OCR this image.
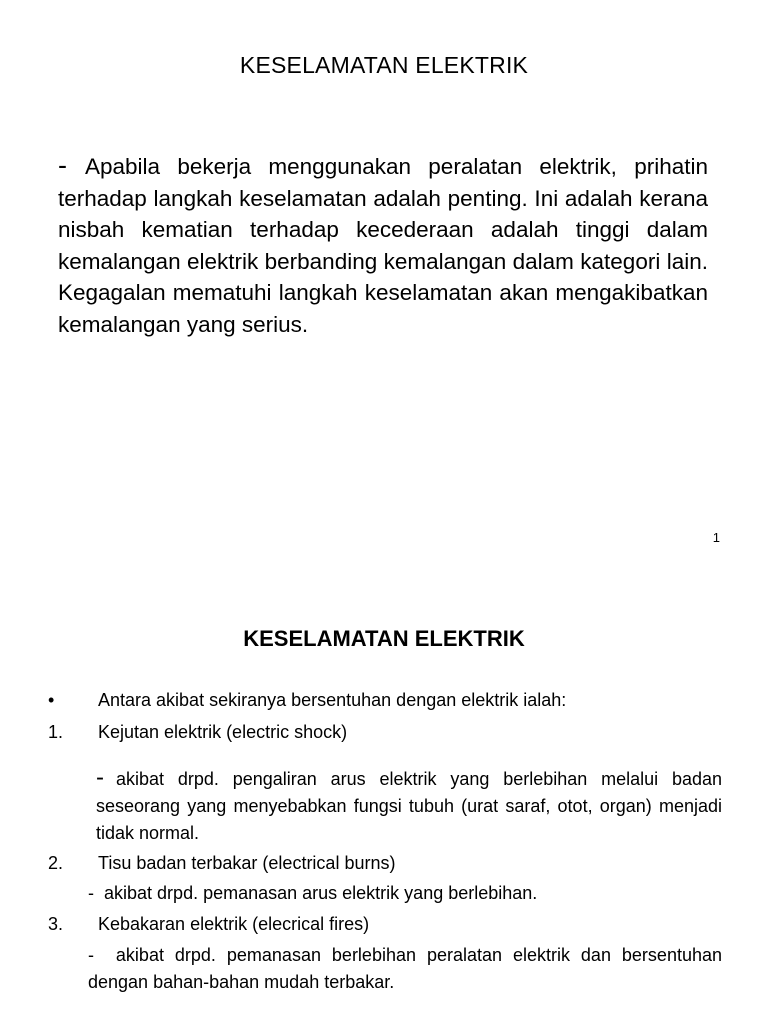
KESELAMATAN ELEKTRIK
- Apabila bekerja menggunakan peralatan elektrik, prihatin terhadap langkah keselamatan adalah penting. Ini adalah kerana nisbah kematian terhadap kecederaan adalah tinggi dalam kemalangan elektrik berbanding kemalangan dalam kategori lain. Kegagalan mematuhi langkah keselamatan akan mengakibatkan kemalangan yang serius.
1
KESELAMATAN ELEKTRIK
• Antara akibat sekiranya bersentuhan dengan elektrik ialah:
1. Kejutan elektrik (electric shock)
- akibat drpd. pengaliran arus elektrik yang berlebihan melalui badan seseorang yang menyebabkan fungsi tubuh (urat saraf, otot, organ) menjadi tidak normal.
2. Tisu badan terbakar (electrical burns)
- akibat drpd. pemanasan arus elektrik yang berlebihan.
3. Kebakaran elektrik (elecrical fires)
- akibat drpd. pemanasan berlebihan peralatan elektrik dan bersentuhan dengan bahan-bahan mudah terbakar.
